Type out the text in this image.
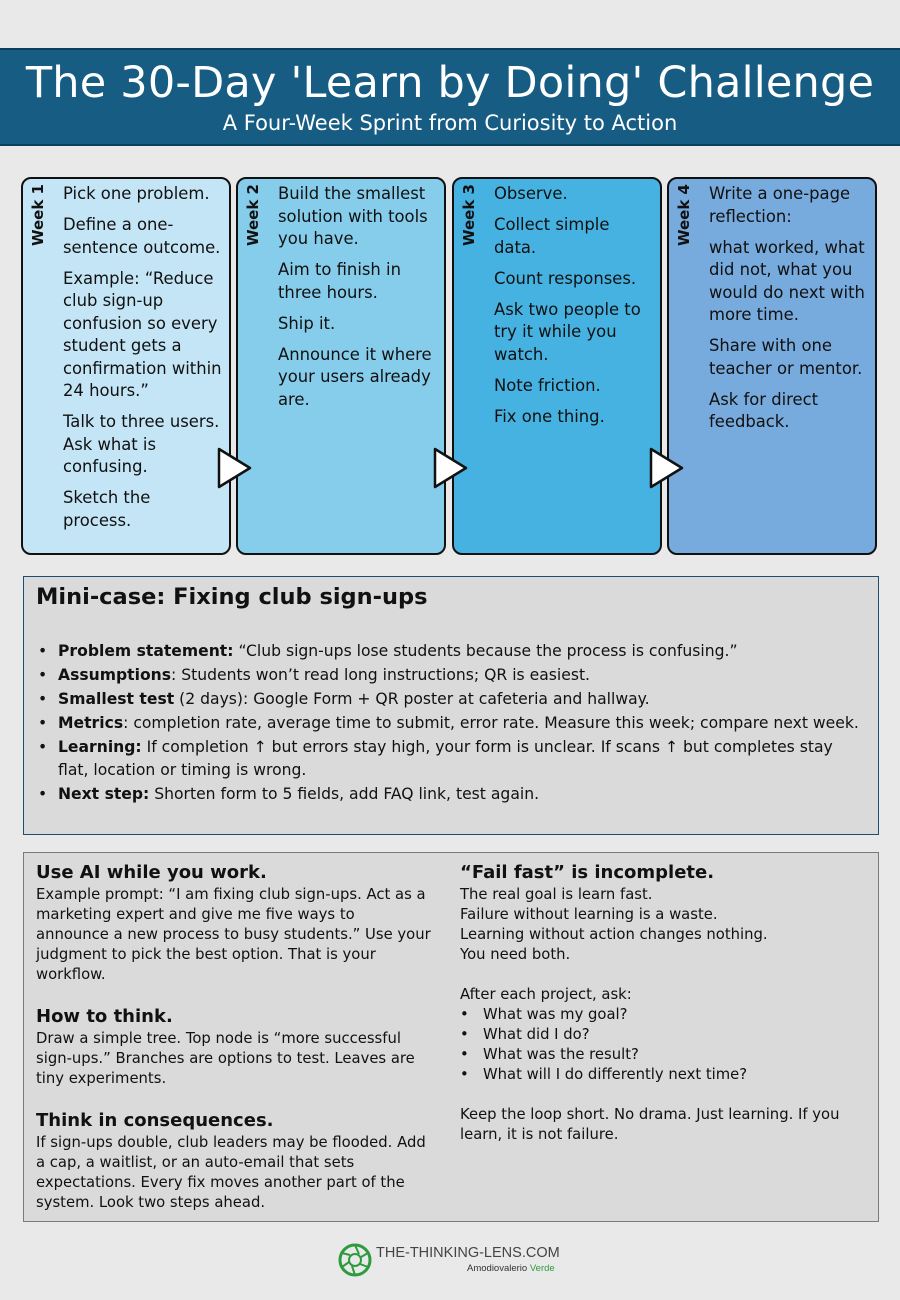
The 30-Day 'Learn by Doing' Challenge
A Four-Week Sprint from Curiosity to Action
Week 1 Pick one problem.
Define a one-sentence outcome.
Example: “Reduce club sign-up confusion so every student gets a confirmation within 24 hours.”
Talk to three users. Ask what is confusing.
Sketch the process.
Week 2 Build the smallest solution with tools you have.
Aim to finish in three hours.
Ship it.
Announce it where your users already are.
Week 3 Observe.
Collect simple data.
Count responses.
Ask two people to try it while you watch.
Note friction.
Fix one thing.
Week 4 Write a one-page reflection:
what worked, what did not, what you would do next with more time.
Share with one teacher or mentor.
Ask for direct feedback.
Mini-case: Fixing club sign-ups
• Problem statement: “Club sign-ups lose students because the process is confusing.”
• Assumptions: Students won’t read long instructions; QR is easiest.
• Smallest test (2 days): Google Form + QR poster at cafeteria and hallway.
• Metrics: completion rate, average time to submit, error rate. Measure this week; compare next week.
• Learning: If completion ↑ but errors stay high, your form is unclear. If scans ↑ but completes stay flat, location or timing is wrong.
• Next step: Shorten form to 5 fields, add FAQ link, test again.
Use AI while you work.

Example prompt: “I am fixing club sign-ups. Act as a marketing expert and give me five ways to announce a new process to busy students.” Use your judgment to pick the best option. That is your workflow.

How to think.

Draw a simple tree. Top node is “more successful sign-ups.” Branches are options to test. Leaves are tiny experiments.

Think in consequences.

If sign-ups double, club leaders may be flooded. Add a cap, a waitlist, or an auto-email that sets expectations. Every fix moves another part of the system. Look two steps ahead.

“Fail fast” is incomplete.
The real goal is learn fast.
Failure without learning is a waste.
Learning without action changes nothing.
You need both.
After each project, ask:
• What was my goal?
• What did I do?
• What was the result?
• What will I do differently next time?

Keep the loop short. No drama. Just learning. If you learn, it is not failure.

THE-THINKING-LENS.COM
Amodiovalerio Verde
